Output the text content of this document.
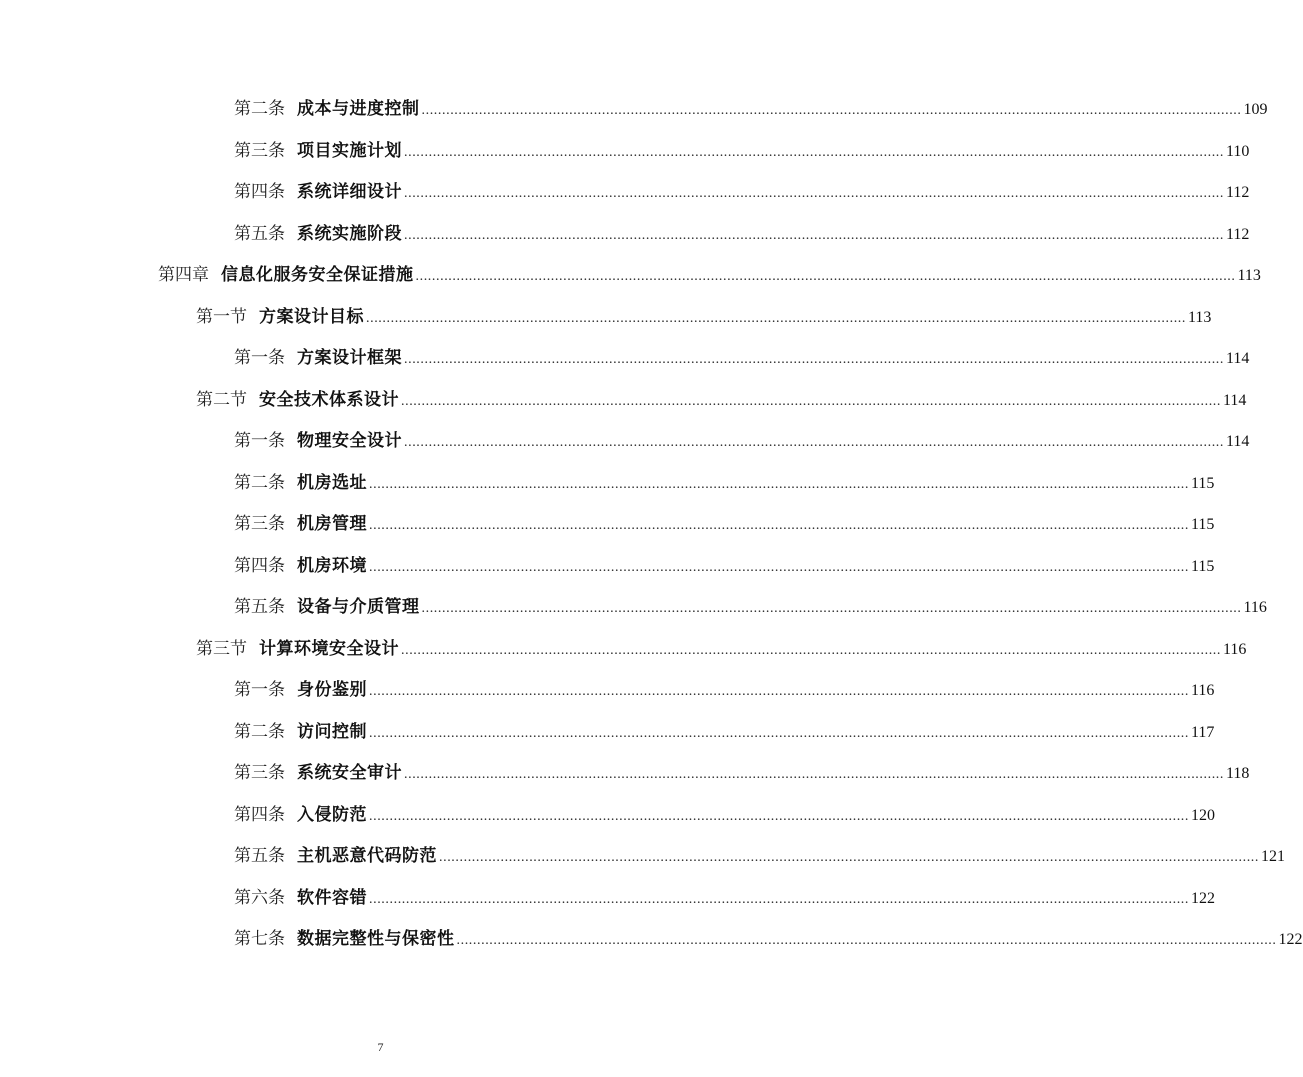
第二条 成本与进度控制 ........................................................................................................................................................................................................ 109
第三条 项目实施计划 ........................................................................................................................................................................................................ 110
第四条 系统详细设计 ........................................................................................................................................................................................................ 112
第五条 系统实施阶段 ........................................................................................................................................................................................................ 112
第四章 信息化服务安全保证措施 ........................................................................................................................................................................................................ 113
第一节 方案设计目标 ........................................................................................................................................................................................................ 113
第一条 方案设计框架 ........................................................................................................................................................................................................ 114
第二节 安全技术体系设计 ........................................................................................................................................................................................................ 114
第一条 物理安全设计 ........................................................................................................................................................................................................ 114
第二条 机房选址 ........................................................................................................................................................................................................ 115
第三条 机房管理 ........................................................................................................................................................................................................ 115
第四条 机房环境 ........................................................................................................................................................................................................ 115
第五条 设备与介质管理 ........................................................................................................................................................................................................ 116
第三节 计算环境安全设计 ........................................................................................................................................................................................................ 116
第一条 身份鉴别 ........................................................................................................................................................................................................ 116
第二条 访问控制 ........................................................................................................................................................................................................ 117
第三条 系统安全审计 ........................................................................................................................................................................................................ 118
第四条 入侵防范 ........................................................................................................................................................................................................ 120
第五条 主机恶意代码防范 ........................................................................................................................................................................................................ 121
第六条 软件容错 ........................................................................................................................................................................................................ 122
第七条 数据完整性与保密性 ........................................................................................................................................................................................................ 122
7
